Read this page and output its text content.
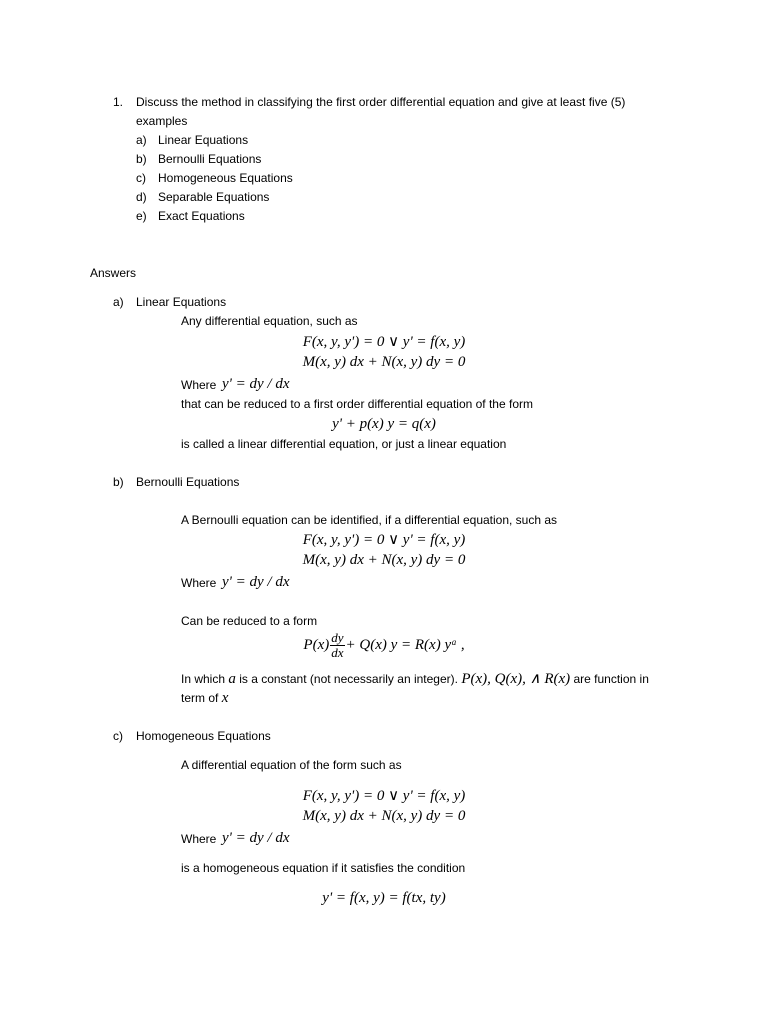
1. Discuss the method in classifying the first order differential equation and give at least five (5)
examples
a) Linear Equations
b) Bernoulli Equations
c) Homogeneous Equations
d) Separable Equations
e) Exact Equations
Answers
a) Linear Equations
Any differential equation, such as
F(x, y, y') = 0 ∨ y' = f(x, y)
M(x, y) dx + N(x, y) dy = 0
Where y' = dy / dx
that can be reduced to a first order differential equation of the form
y' + p(x) y = q(x)
is called a linear differential equation, or just a linear equation
b) Bernoulli Equations
A Bernoulli equation can be identified, if a differential equation, such as
F(x, y, y') = 0 ∨ y' = f(x, y)
M(x, y) dx + N(x, y) dy = 0
Where y' = dy / dx
Can be reduced to a form
$P(x) \frac{dy}{dx} + Q(x) y = R(x)$ yᵃ ,
In which a is a constant (not necessarily an integer). P(x), Q(x), ∧ R(x) are function in
term of x
c) Homogeneous Equations
A differential equation of the form such as
F(x, y, y') = 0 ∨ y' = f(x, y)
M(x, y) dx + N(x, y) dy = 0
Where y' = dy / dx
is a homogeneous equation if it satisfies the condition
y' = f(x, y) = f(tx, ty)
